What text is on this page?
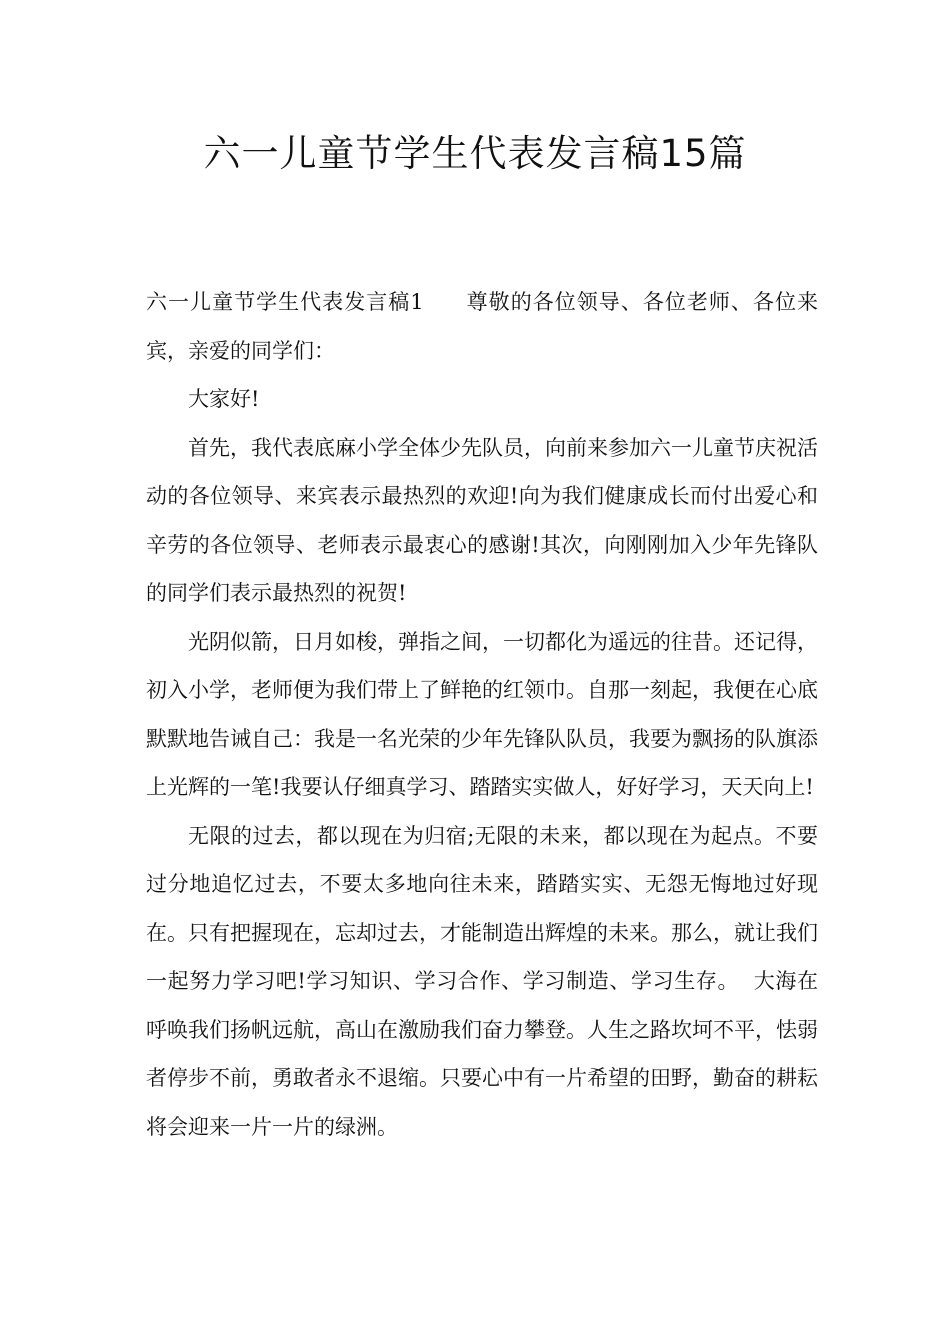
六一儿童节学生代表发言稿15篇

六一儿童节学生代表发言稿1 尊敬的各位领导、各位老师、各位来宾，亲爱的同学们：

大家好!

首先，我代表底麻小学全体少先队员，向前来参加六一儿童节庆祝活动的各位领导、来宾表示最热烈的欢迎!向为我们健康成长而付出爱心和辛劳的各位领导、老师表示最衷心的感谢!其次，向刚刚加入少年先锋队的同学们表示最热烈的祝贺!

光阴似箭，日月如梭，弹指之间，一切都化为遥远的往昔。还记得，初入小学，老师便为我们带上了鲜艳的红领巾。自那一刻起，我便在心底默默地告诫自己：我是一名光荣的少年先锋队队员，我要为飘扬的队旗添上光辉的一笔!我要认仔细真学习、踏踏实实做人，好好学习，天天向上!

无限的过去，都以现在为归宿;无限的未来，都以现在为起点。不要过分地追忆过去，不要太多地向往未来，踏踏实实、无怨无悔地过好现在。只有把握现在，忘却过去，才能制造出辉煌的未来。那么，就让我们一起努力学习吧!学习知识、学习合作、学习制造、学习生存。 大海在呼唤我们扬帆远航，高山在激励我们奋力攀登。人生之路坎坷不平，怯弱者停步不前，勇敢者永不退缩。只要心中有一片希望的田野，勤奋的耕耘将会迎来一片一片的绿洲。
